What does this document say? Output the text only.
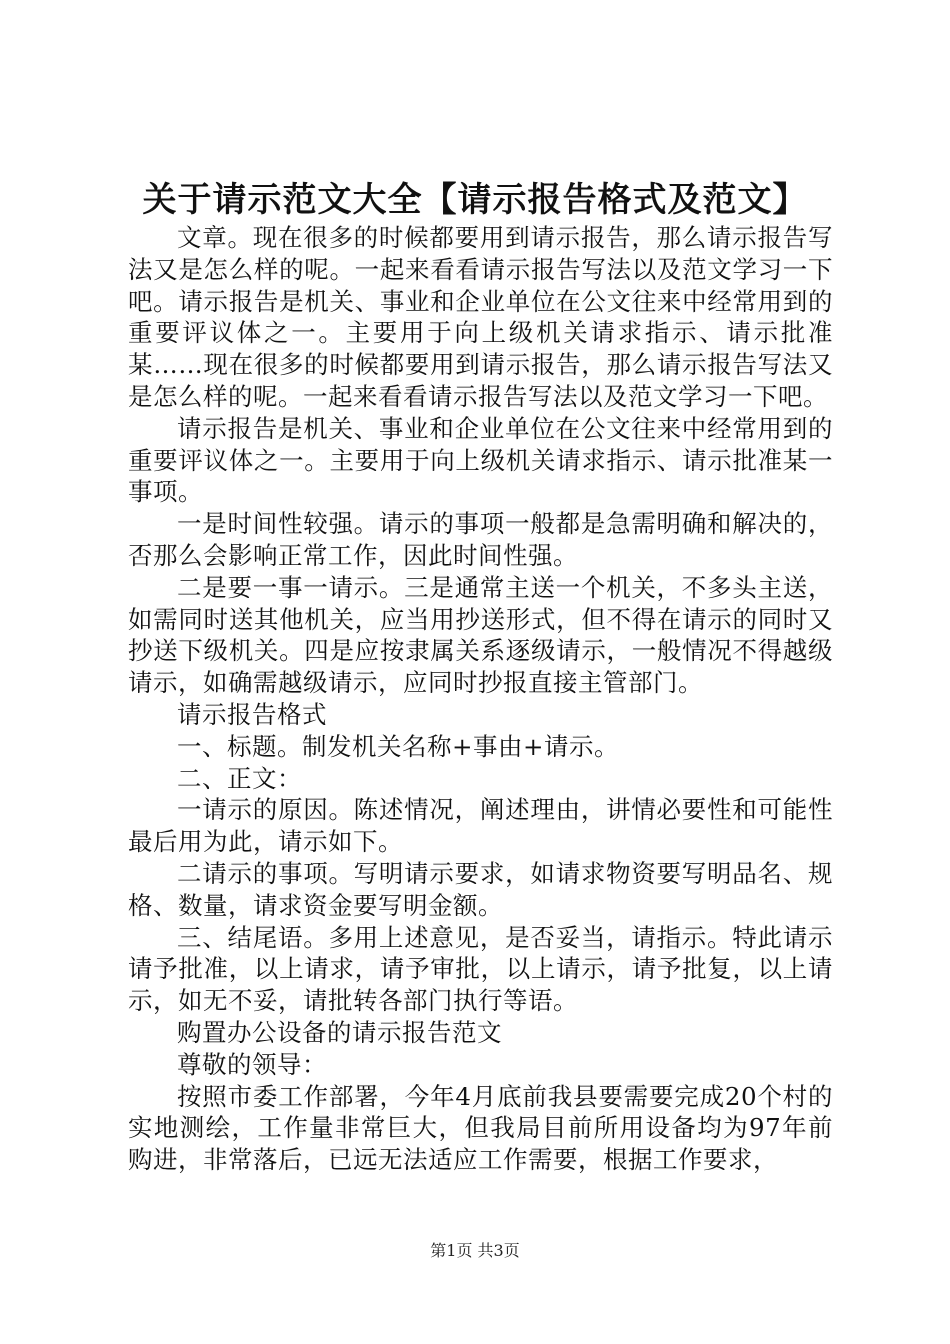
关于请示范文大全【请示报告格式及范文】

文章。现在很多的时候都要用到请示报告，那么请示报告写法又是怎么样的呢。一起来看看请示报告写法以及范文学习一下吧。请示报告是机关、事业和企业单位在公文往来中经常用到的重要评议体之一。主要用于向上级机关请求指示、请示批准某……现在很多的时候都要用到请示报告，那么请示报告写法又是怎么样的呢。一起来看看请示报告写法以及范文学习一下吧。

请示报告是机关、事业和企业单位在公文往来中经常用到的重要评议体之一。主要用于向上级机关请求指示、请示批准某一事项。

一是时间性较强。请示的事项一般都是急需明确和解决的，否那么会影响正常工作，因此时间性强。

二是要一事一请示。三是通常主送一个机关，不多头主送，如需同时送其他机关，应当用抄送形式，但不得在请示的同时又抄送下级机关。四是应按隶属关系逐级请示，一般情况不得越级请示，如确需越级请示，应同时抄报直接主管部门。

请示报告格式

一、标题。制发机关名称+事由+请示。

二、正文：

一请示的原因。陈述情况，阐述理由，讲情必要性和可能性最后用为此，请示如下。

二请示的事项。写明请示要求，如请求物资要写明品名、规格、数量，请求资金要写明金额。

三、结尾语。多用上述意见，是否妥当，请指示。特此请示请予批准，以上请求，请予审批，以上请示，请予批复，以上请示，如无不妥，请批转各部门执行等语。

购置办公设备的请示报告范文

尊敬的领导：

按照市委工作部署，今年4月底前我县要需要完成20个村的实地测绘，工作量非常巨大，但我局目前所用设备均为97年前购进，非常落后，已远无法适应工作需要，根据工作要求，

第1页 共3页
